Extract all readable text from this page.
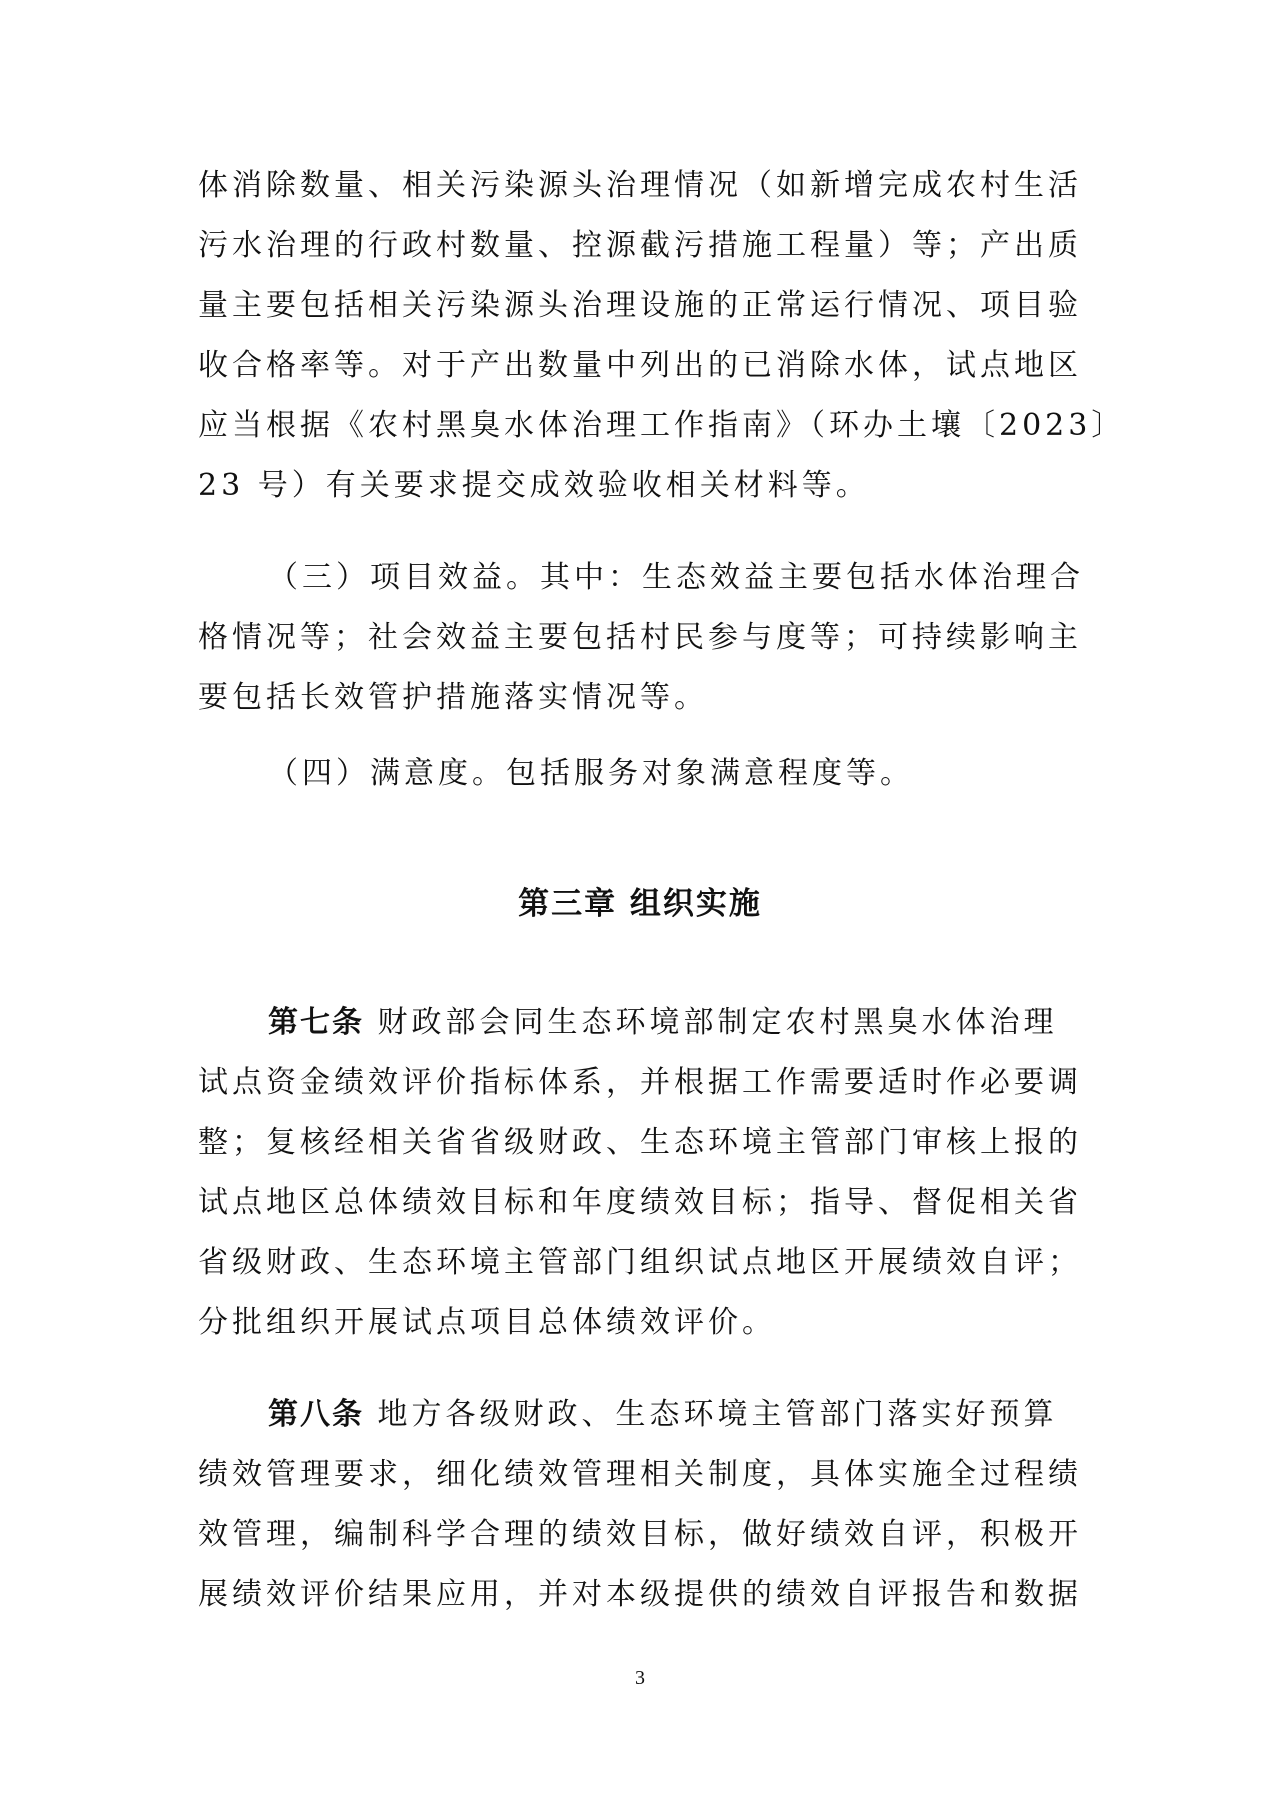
体消除数量、相关污染源头治理情况（如新增完成农村生活
污水治理的行政村数量、控源截污措施工程量）等；产出质
量主要包括相关污染源头治理设施的正常运行情况、项目验
收合格率等。对于产出数量中列出的已消除水体，试点地区
应当根据《农村黑臭水体治理工作指南》（环办土壤〔2023〕
23 号）有关要求提交成效验收相关材料等。
（三）项目效益。其中：生态效益主要包括水体治理合
格情况等；社会效益主要包括村民参与度等；可持续影响主
要包括长效管护措施落实情况等。
（四）满意度。包括服务对象满意程度等。
第三章 组织实施
第七条 财政部会同生态环境部制定农村黑臭水体治理
试点资金绩效评价指标体系，并根据工作需要适时作必要调
整；复核经相关省省级财政、生态环境主管部门审核上报的
试点地区总体绩效目标和年度绩效目标；指导、督促相关省
省级财政、生态环境主管部门组织试点地区开展绩效自评；
分批组织开展试点项目总体绩效评价。
第八条 地方各级财政、生态环境主管部门落实好预算
绩效管理要求，细化绩效管理相关制度，具体实施全过程绩
效管理，编制科学合理的绩效目标，做好绩效自评，积极开
展绩效评价结果应用，并对本级提供的绩效自评报告和数据
3
